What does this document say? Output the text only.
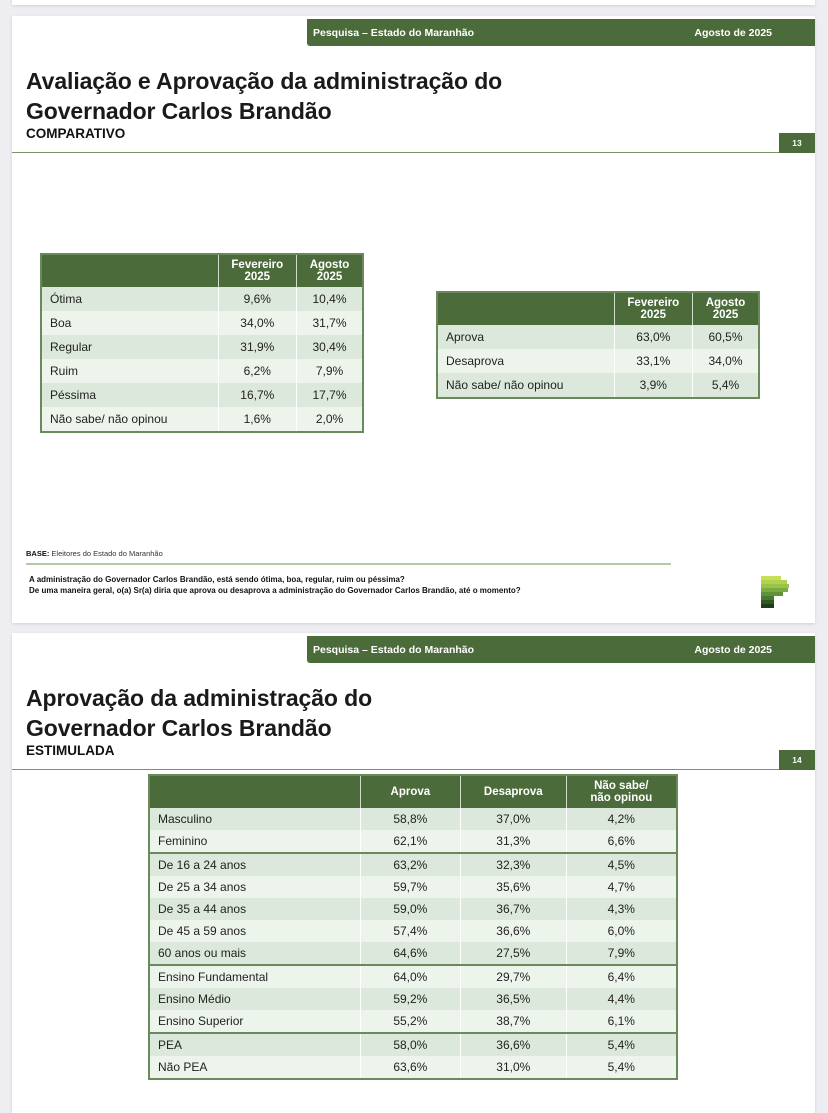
Pesquisa – Estado do Maranhão	Agosto de 2025
Avaliação e Aprovação da administração do
Governador Carlos Brandão
COMPARATIVO
13
	Fevereiro
2025	Agosto
2025
Ótima	9,6%	10,4%
Boa	34,0%	31,7%
Regular	31,9%	30,4%
Ruim	6,2%	7,9%
Péssima	16,7%	17,7%
Não sabe/ não opinou	1,6%	2,0%
	Fevereiro
2025	Agosto
2025
Aprova	63,0%	60,5%
Desaprova	33,1%	34,0%
Não sabe/ não opinou	3,9%	5,4%
BASE: Eleitores do Estado do Maranhão
A administração do Governador Carlos Brandão, está sendo ótima, boa, regular, ruim ou péssima?
De uma maneira geral, o(a) Sr(a) diria que aprova ou desaprova a administração do Governador Carlos Brandão, até o momento?
Pesquisa – Estado do Maranhão	Agosto de 2025
Aprovação da administração do
Governador Carlos Brandão
ESTIMULADA
14
	Aprova	Desaprova	Não sabe/
não opinou
Masculino	58,8%	37,0%	4,2%
Feminino	62,1%	31,3%	6,6%
De 16 a 24 anos	63,2%	32,3%	4,5%
De 25 a 34 anos	59,7%	35,6%	4,7%
De 35 a 44 anos	59,0%	36,7%	4,3%
De 45 a 59 anos	57,4%	36,6%	6,0%
60 anos ou mais	64,6%	27,5%	7,9%
Ensino Fundamental	64,0%	29,7%	6,4%
Ensino Médio	59,2%	36,5%	4,4%
Ensino Superior	55,2%	38,7%	6,1%
PEA	58,0%	36,6%	5,4%
Não PEA	63,6%	31,0%	5,4%
